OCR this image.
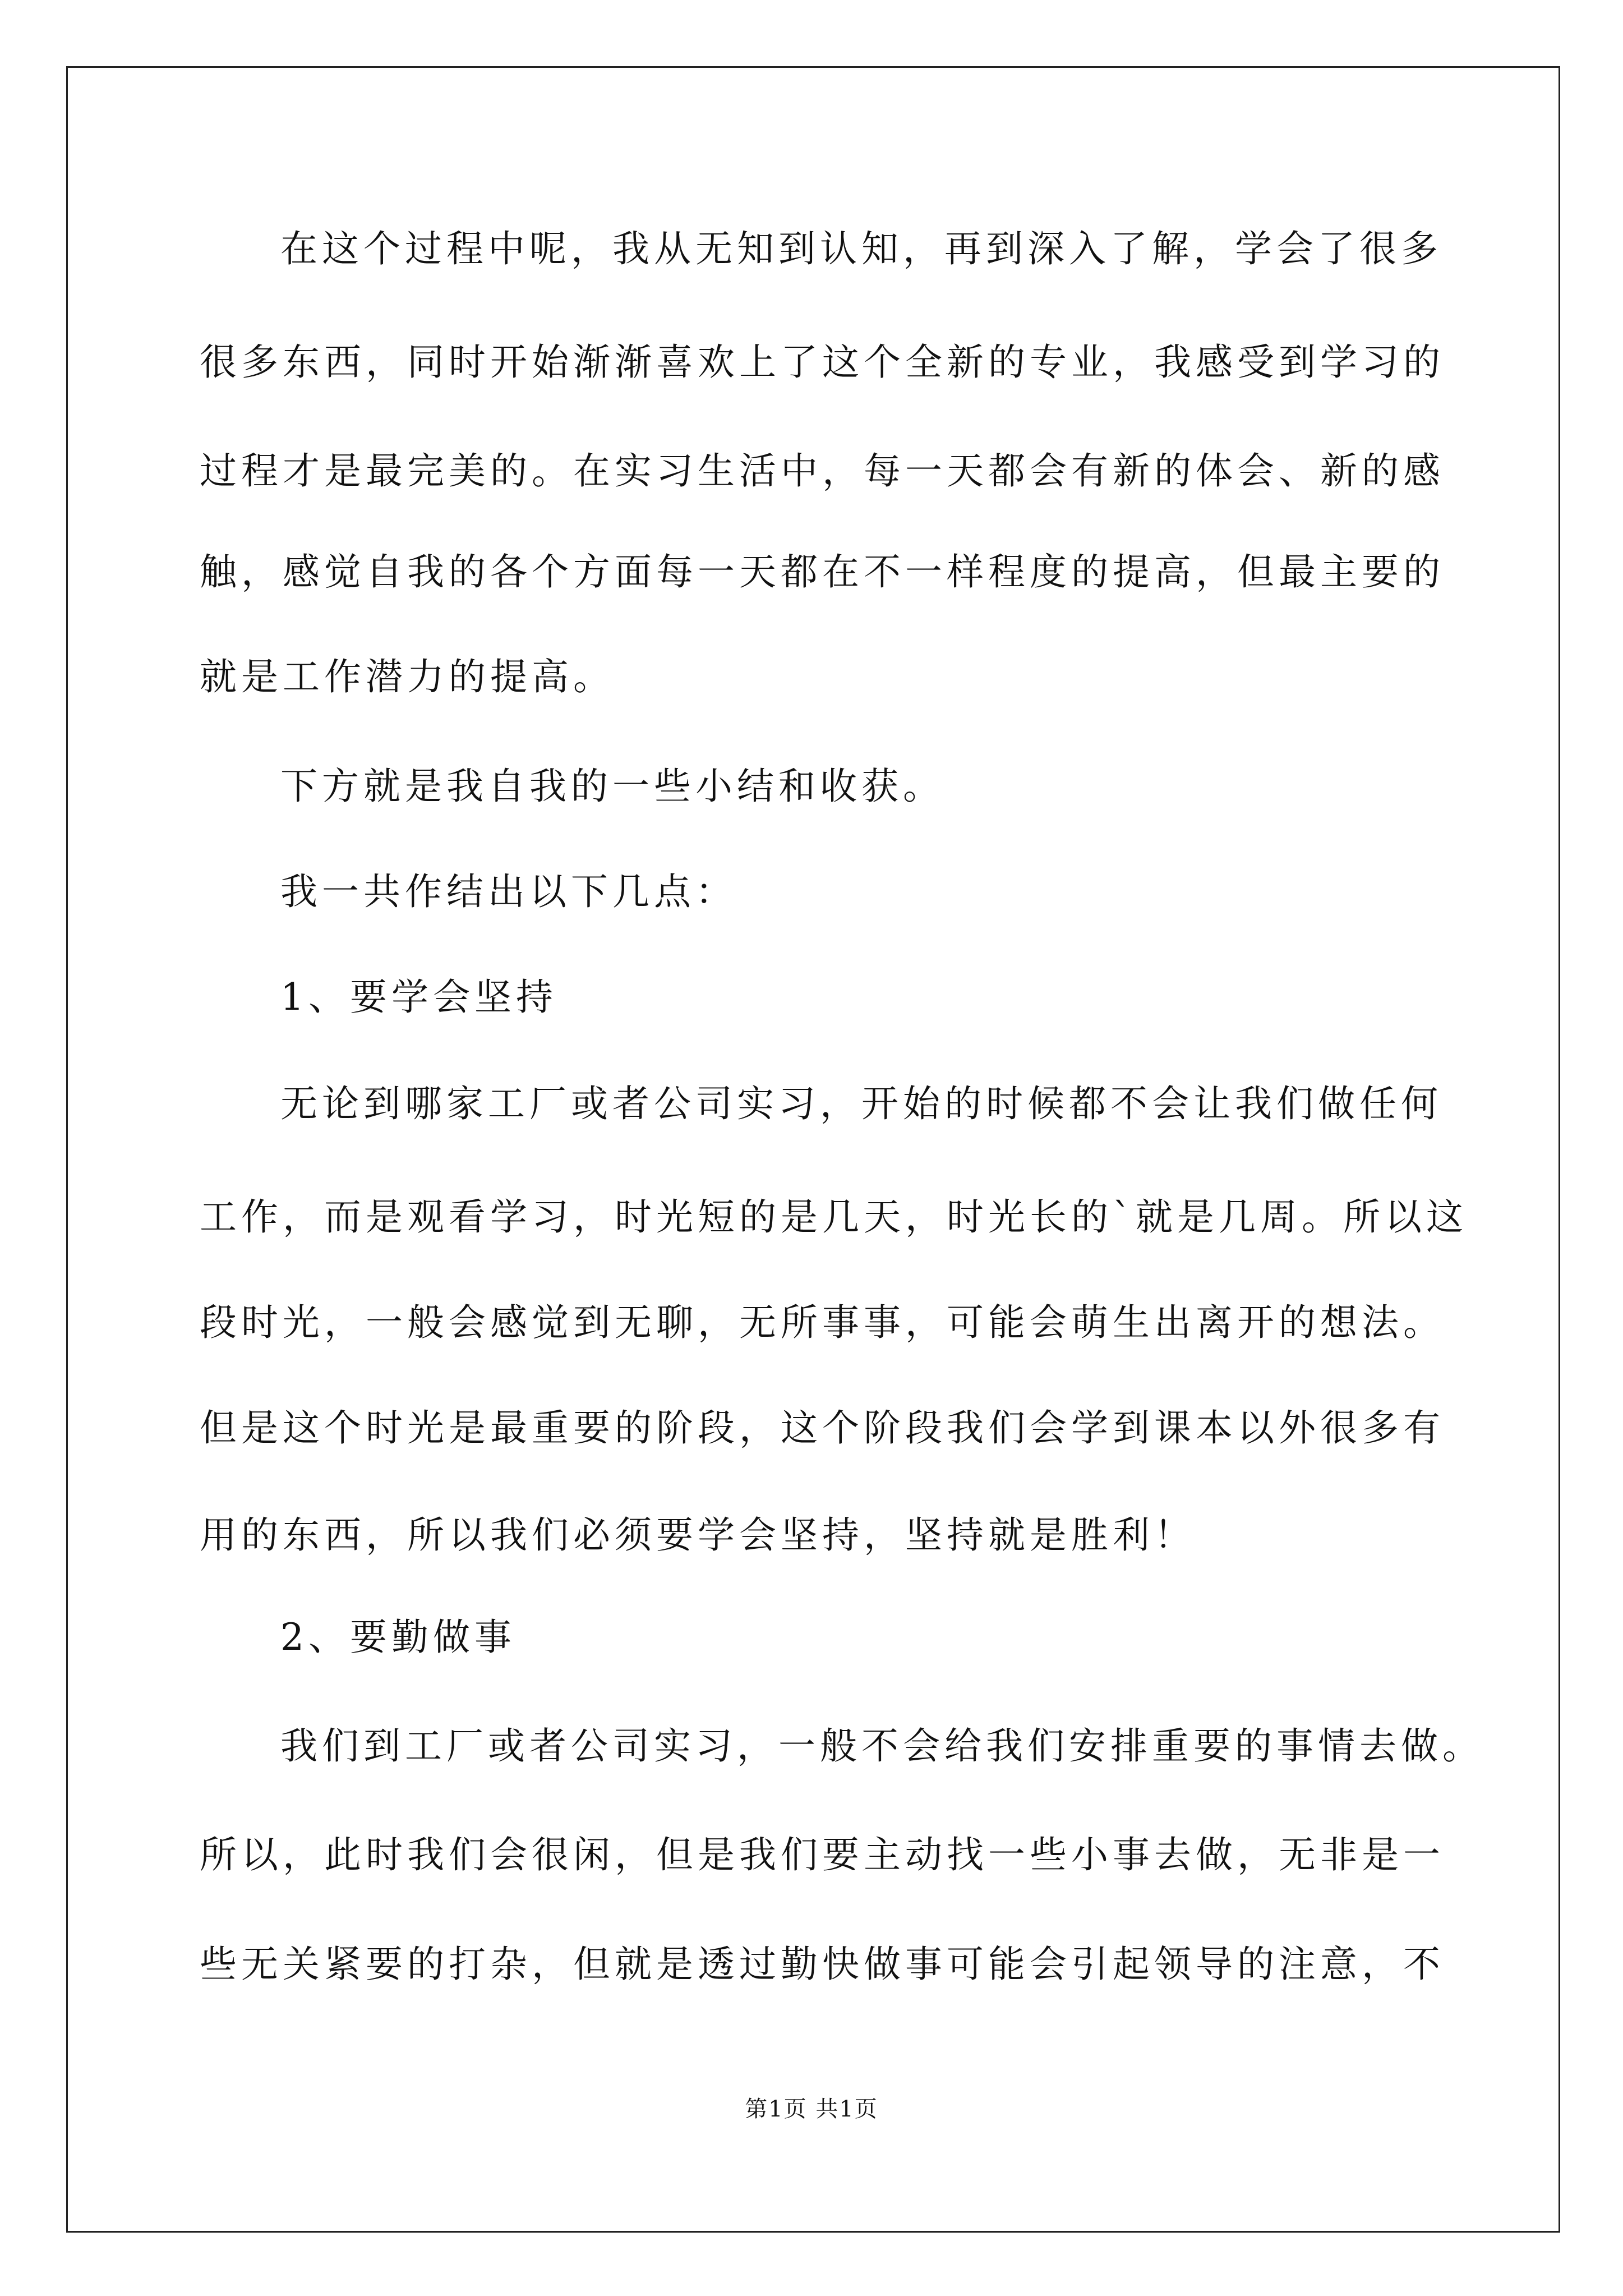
在这个过程中呢，我从无知到认知，再到深入了解，学会了很多
很多东西，同时开始渐渐喜欢上了这个全新的专业，我感受到学习的
过程才是最完美的。在实习生活中，每一天都会有新的体会、新的感
触，感觉自我的各个方面每一天都在不一样程度的提高，但最主要的
就是工作潜力的提高。
下方就是我自我的一些小结和收获。
我一共作结出以下几点：
1、要学会坚持
无论到哪家工厂或者公司实习，开始的时候都不会让我们做任何
工作，而是观看学习，时光短的是几天，时光长的`就是几周。所以这
段时光，一般会感觉到无聊，无所事事，可能会萌生出离开的想法。
但是这个时光是最重要的阶段，这个阶段我们会学到课本以外很多有
用的东西，所以我们必须要学会坚持，坚持就是胜利！
2、要勤做事
我们到工厂或者公司实习，一般不会给我们安排重要的事情去做。
所以，此时我们会很闲，但是我们要主动找一些小事去做，无非是一
些无关紧要的打杂，但就是透过勤快做事可能会引起领导的注意，不
第1页 共1页
